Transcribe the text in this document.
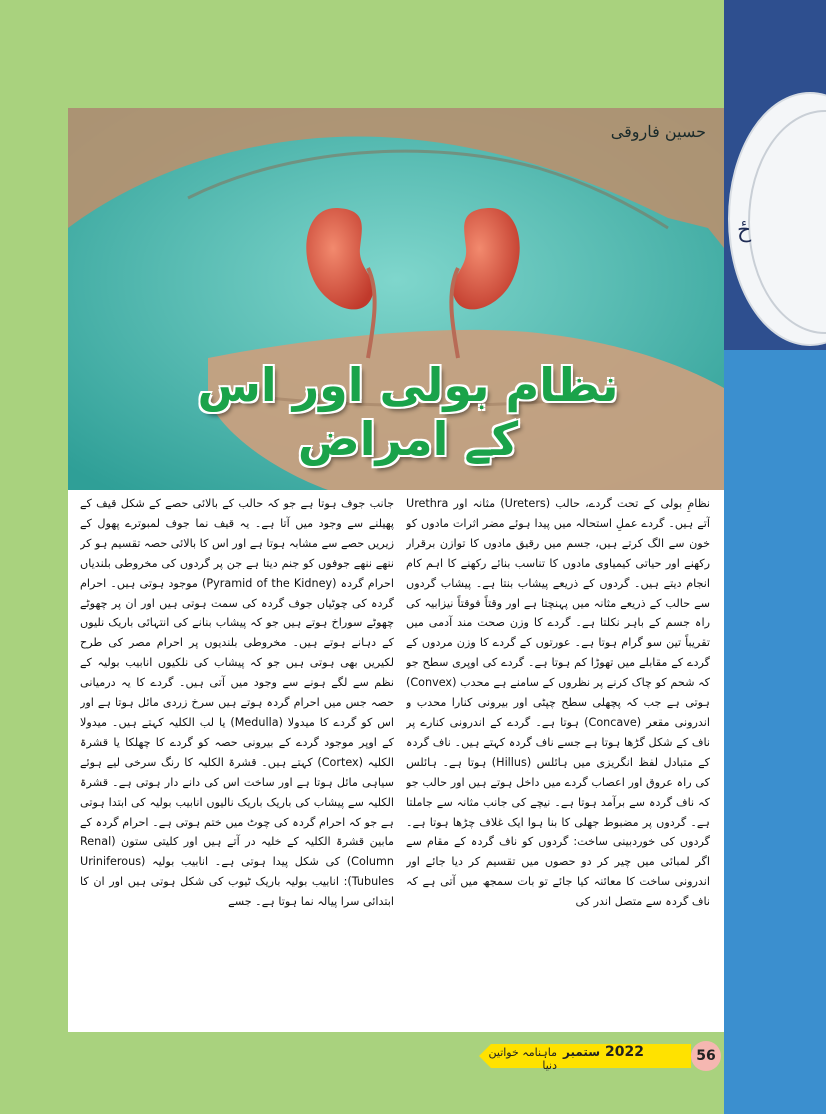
ځ
حسین فاروقی
نظام بولی اور اس کے امراض

نظامِ بولی کے تحت گردے، حالب (Ureters) مثانہ اور Urethra آتے ہیں۔ گردے عملِ استحالہ میں پیدا ہوئے مضر اثرات مادوں کو خون سے الگ کرتے ہیں، جسم میں رقیق مادوں کا توازن برقرار رکھنے اور حیاتی کیمیاوی مادوں کا تناسب بنائے رکھنے کا اہم کام انجام دیتے ہیں۔ گردوں کے ذریعے پیشاب بنتا ہے۔ پیشاب گردوں سے حالب کے ذریعے مثانہ میں پہنچتا ہے اور وقتاً فوقتاً نیزابیہ کی راہ جسم کے باہر نکلتا ہے۔ گردے کا وزن صحت مند آدمی میں تقریباً تین سو گرام ہوتا ہے۔ عورتوں کے گردے کا وزن مردوں کے گردے کے مقابلے میں تھوڑا کم ہوتا ہے۔ گردے کی اوپری سطح جو کہ شحم کو چاک کرنے پر نظروں کے سامنے ہے محدب (Convex) ہوتی ہے جب کہ پچھلی سطح چپٹی اور بیرونی کنارا محدب و اندرونی مقعر (Concave) ہوتا ہے۔ گردے کے اندرونی کنارے پر ناف کے شکل گڑھا ہوتا ہے جسے ناف گردہ کہتے ہیں۔ ناف گردہ کے متبادل لفظ انگریزی میں ہائلس (Hillus) ہوتا ہے۔ ہائلس کی راہ عروق اور اعصاب گردے میں داخل ہوتے ہیں اور حالب جو کہ ناف گردہ سے برآمد ہوتا ہے۔ نیچے کی جانب مثانہ سے جاملتا ہے۔ گردوں پر مضبوط جھلی کا بنا ہوا ایک غلاف چڑھا ہوتا ہے۔ گردوں کی خوردبینی ساخت: گردوں کو ناف گردہ کے مقام سے اگر لمبائی میں چیر کر دو حصوں میں تقسیم کر دیا جائے اور اندرونی ساخت کا معائنہ کیا جائے تو بات سمجھ میں آتی ہے کہ ناف گردہ سے متصل اندر کی

جانب جوف ہوتا ہے جو کہ حالب کے بالائی حصے کے شکل قیف کے پھیلنے سے وجود میں آتا ہے۔ یہ قیف نما جوف لمبوترے پھول کے زیریں حصے سے مشابہ ہوتا ہے اور اس کا بالائی حصہ تقسیم ہو کر ننھے ننھے جوفوں کو جنم دیتا ہے جن پر گردوں کی مخروطی بلندیاں احرام گردہ (Pyramid of the Kidney) موجود ہوتی ہیں۔ احرام گردہ کی چوٹیاں جوف گردہ کی سمت ہوتی ہیں اور ان پر چھوٹے چھوٹے سوراخ ہوتے ہیں جو کہ پیشاب بنانے کی انتہائی باریک نلیوں کے دہانے ہوتے ہیں۔ مخروطی بلندیوں پر احرام مصر کی طرح لکیریں بھی ہوتی ہیں جو کہ پیشاب کی نلکیوں انابیب بولیہ کے نظم سے لگے ہونے سے وجود میں آتی ہیں۔ گردے کا یہ درمیانی حصہ جس میں احرام گردہ ہوتے ہیں سرخ زردی مائل ہوتا ہے اور اس کو گردے کا میدولا (Medulla) یا لب الکلیہ کہتے ہیں۔ میدولا کے اوپر موجود گردے کے بیرونی حصہ کو گردے کا چھلکا یا قشرۃ الکلیہ (Cortex) کہتے ہیں۔ قشرۃ الکلیہ کا رنگ سرخی لیے ہوئے سیاہی مائل ہوتا ہے اور ساخت اس کی دانے دار ہوتی ہے۔ قشرۃ الکلیہ سے پیشاب کی باریک باریک نالیوں انابیب بولیہ کی ابتدا ہوتی ہے جو کہ احرام گردہ کی چوٹ میں ختم ہوتی ہے۔ احرام گردہ کے مابین قشرۃ الکلیہ کے خلیہ در آتے ہیں اور کلیتی ستون (Renal Column) کی شکل پیدا ہوتی ہے۔ انابیب بولیہ (Uriniferous Tubules): انابیب بولیہ باریک ٹیوب کی شکل ہوتی ہیں اور ان کا ابتدائی سرا پیالہ نما ہوتا ہے۔ جسے

ماہنامہ خواتین دنیا
ستمبر 2022	56
